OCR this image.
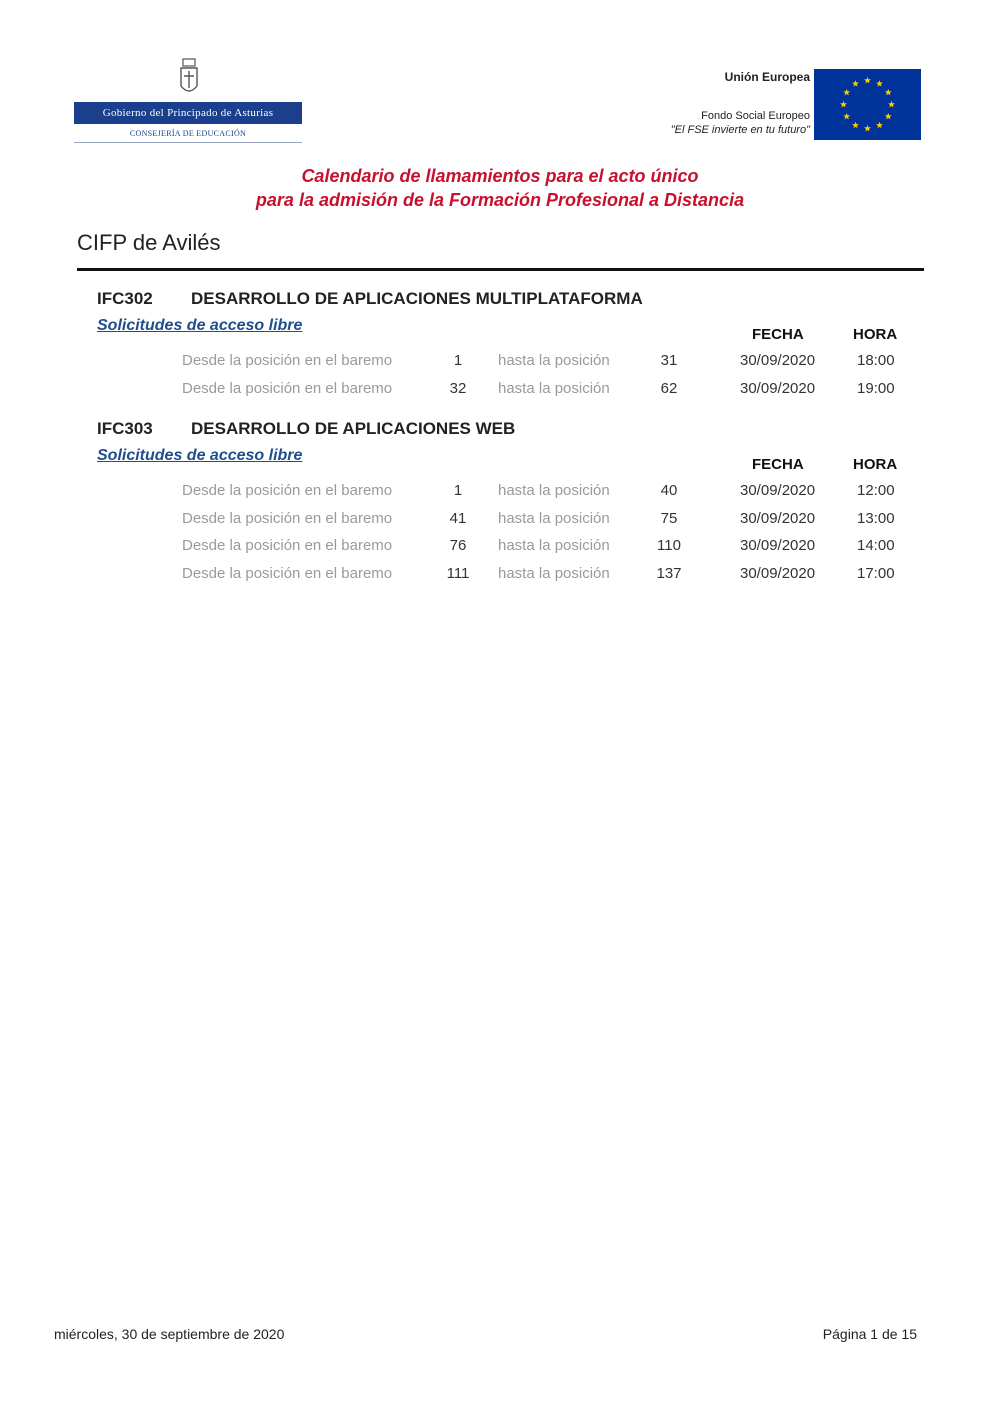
Gobierno del Principado de Asturias
CONSEJERÍA DE EDUCACIÓN
Unión Europea
Fondo Social Europeo
"El FSE invierte en tu futuro"
Calendario de llamamientos para el acto único
para la admisión de la Formación Profesional a Distancia
CIFP de Avilés
IFC302 DESARROLLO DE APLICACIONES MULTIPLATAFORMA
Solicitudes de acceso libre
FECHA	HORA
Desde la posición en el baremo	1	hasta la posición	31	30/09/2020	18:00
Desde la posición en el baremo	32	hasta la posición	62	30/09/2020	19:00
IFC303 DESARROLLO DE APLICACIONES WEB
Solicitudes de acceso libre
FECHA	HORA
Desde la posición en el baremo	1	hasta la posición	40	30/09/2020	12:00
Desde la posición en el baremo	41	hasta la posición	75	30/09/2020	13:00
Desde la posición en el baremo	76	hasta la posición	110	30/09/2020	14:00
Desde la posición en el baremo	111	hasta la posición	137	30/09/2020	17:00
miércoles, 30 de septiembre de 2020	Página 1 de 15
